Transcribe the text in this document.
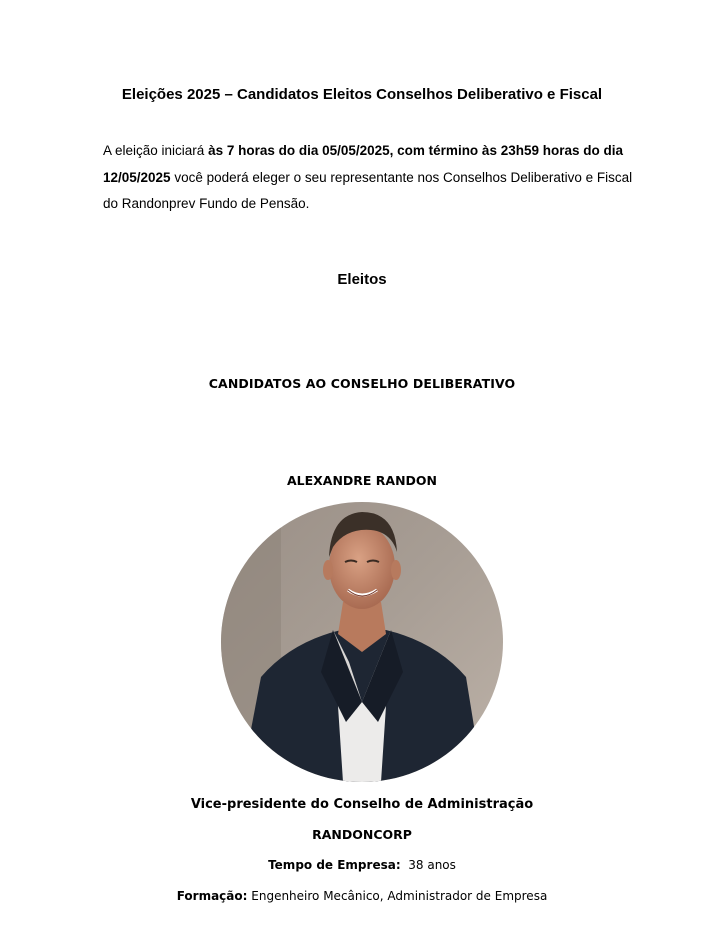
Eleições 2025 – Candidatos Eleitos Conselhos Deliberativo e Fiscal
A eleição iniciará às 7 horas do dia 05/05/2025, com término às 23h59 horas do dia 12/05/2025 você poderá eleger o seu representante nos Conselhos Deliberativo e Fiscal do Randonprev Fundo de Pensão.
Eleitos
CANDIDATOS AO CONSELHO DELIBERATIVO
ALEXANDRE RANDON
Vice-presidente do Conselho de Administração
RANDONCORP
Tempo de Empresa: 38 anos
Formação: Engenheiro Mecânico, Administrador de Empresa
